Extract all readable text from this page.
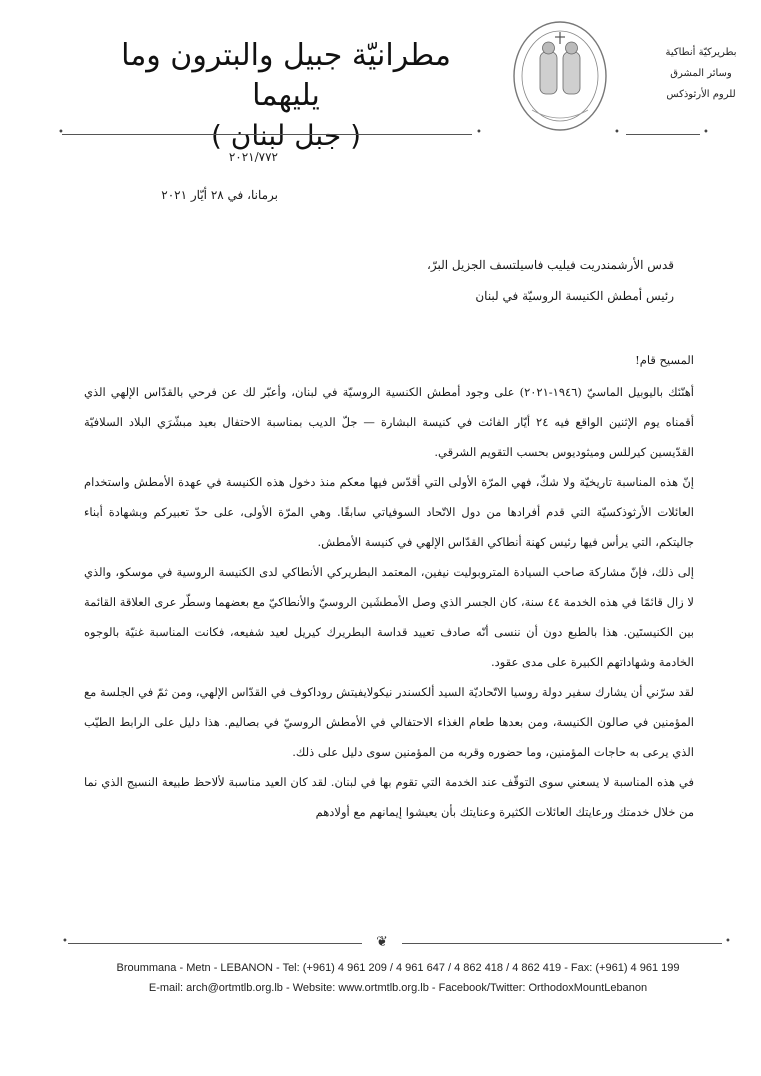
مطرانيّة جبيل والبترون وما يليهما
( جبل لبنان )
بطريركيّة أنطاكية
وسائر المشرق
للروم الأرثوذكس
•	•	•	•
٢٠٢١/٧٧٢
برمانا، في ٢٨ أيّار ٢٠٢١
قدس الأرشمندريت فيليب فاسيلتسف الجزيل البرّ،
رئيس أمطش الكنيسة الروسيّة في لبنان

المسيح قام!

أهنّئك باليوبيل الماسيّ (١٩٤٦-٢٠٢١) على وجود أمطش الكنسية الروسيّة في لبنان، وأعبّر لك عن فرحي بالقدّاس الإلهي الذي أقمناه يوم الإثنين الواقع فيه ٢٤ أيّار الفائت في كنيسة البشارة — جلّ الديب بمناسبة الاحتفال بعيد مبشّرَي البلاد السلافيّة القدّيسين كيرللس وميثوديوس بحسب التقويم الشرقي.

إنّ هذه المناسبة تاريخيّة ولا شكّ، فهي المرّة الأولى التي أقدّس فيها معكم منذ دخول هذه الكنيسة في عهدة الأمطش واستخدام العائلات الأرثوذكسيّة التي قدم أفرادها من دول الاتّحاد السوفياتي سابقًا. وهي المرّة الأولى، على حدّ تعبيركم وبشهادة أبناء جاليتكم، التي يرأس فيها رئيس كهنة أنطاكي القدّاس الإلهي في كنيسة الأمطش.

إلى ذلك، فإنّ مشاركة صاحب السيادة المتروبوليت نيفين، المعتمد البطريركي الأنطاكي لدى الكنيسة الروسية في موسكو، والذي لا زال قائمًا في هذه الخدمة ٤٤ سنة، كان الجسر الذي وصل الأمطشَين الروسيّ والأنطاكيّ مع بعضهما وسطّر عرى العلاقة القائمة بين الكنيستَين. هذا بالطبع دون أن ننسى أنّه صادف تعييد قداسة البطريرك كيريل لعيد شفيعه، فكانت المناسبة غنيّة بالوجوه الخادمة وشهاداتهم الكبيرة على مدى عقود.

لقد سرّني أن يشارك سفير دولة روسيا الاتّحاديّة السيد ألكسندر نيكولايفيتش روداكوف في القدّاس الإلهي، ومن ثمّ في الجلسة مع المؤمنين في صالون الكنيسة، ومن بعدها طعام الغذاء الاحتفالي في الأمطش الروسيّ في بصاليم. هذا دليل على الرابط الطيّب الذي يرعى به حاجات المؤمنين، وما حضوره وقربه من المؤمنين سوى دليل على ذلك.

في هذه المناسبة لا يسعني سوى التوقّف عند الخدمة التي تقوم بها في لبنان. لقد كان العيد مناسبة لألاحظ طبيعة النسيج الذي نما من خلال خدمتك ورعايتك العائلات الكثيرة وعنايتك بأن يعيشوا إيمانهم مع أولادهم

•	•
❦
Broummana - Metn - LEBANON - Tel: (+961) 4 961 209 / 4 961 647 / 4 862 418 / 4 862 419 - Fax: (+961) 4 961 199
E-mail: arch@ortmtlb.org.lb - Website: www.ortmtlb.org.lb - Facebook/Twitter: OrthodoxMountLebanon
